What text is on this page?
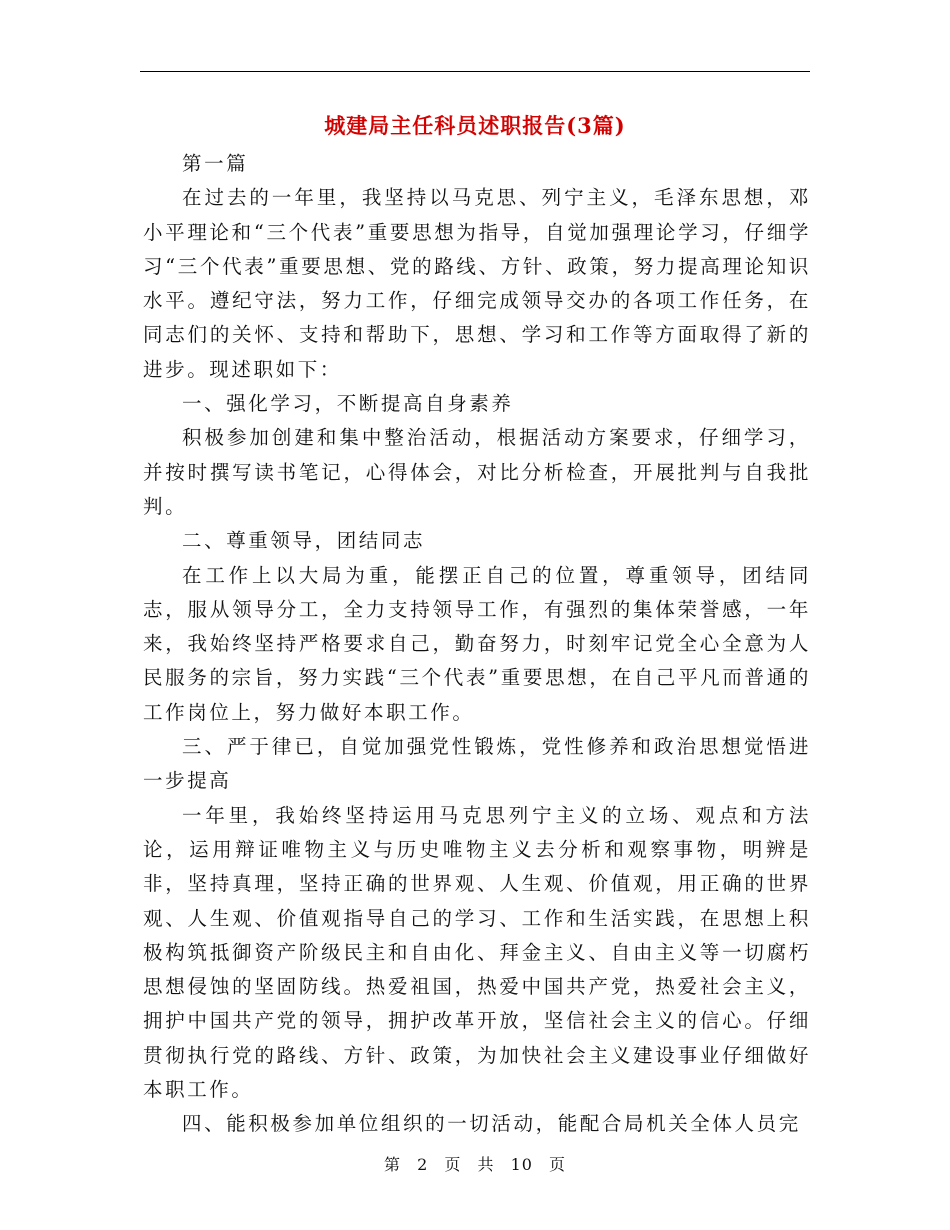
城建局主任科员述职报告(3篇)

第一篇

在过去的一年里，我坚持以马克思、列宁主义，毛泽东思想，邓小平理论和“三个代表”重要思想为指导，自觉加强理论学习，仔细学习“三个代表”重要思想、党的路线、方针、政策，努力提高理论知识水平。遵纪守法，努力工作，仔细完成领导交办的各项工作任务，在同志们的关怀、支持和帮助下，思想、学习和工作等方面取得了新的进步。现述职如下：

一、强化学习，不断提高自身素养

积极参加创建和集中整治活动，根据活动方案要求，仔细学习，并按时撰写读书笔记，心得体会，对比分析检查，开展批判与自我批判。

二、尊重领导，团结同志

在工作上以大局为重，能摆正自己的位置，尊重领导，团结同志，服从领导分工，全力支持领导工作，有强烈的集体荣誉感，一年来，我始终坚持严格要求自己，勤奋努力，时刻牢记党全心全意为人民服务的宗旨，努力实践“三个代表”重要思想，在自己平凡而普通的工作岗位上，努力做好本职工作。

三、严于律已，自觉加强党性锻炼，党性修养和政治思想觉悟进一步提高

一年里，我始终坚持运用马克思列宁主义的立场、观点和方法论，运用辩证唯物主义与历史唯物主义去分析和观察事物，明辨是非，坚持真理，坚持正确的世界观、人生观、价值观，用正确的世界观、人生观、价值观指导自己的学习、工作和生活实践，在思想上积极构筑抵御资产阶级民主和自由化、拜金主义、自由主义等一切腐朽思想侵蚀的坚固防线。热爱祖国，热爱中国共产党，热爱社会主义，拥护中国共产党的领导，拥护改革开放，坚信社会主义的信心。仔细贯彻执行党的路线、方针、政策，为加快社会主义建设事业仔细做好本职工作。

四、能积极参加单位组织的一切活动，能配合局机关全体人员完

第 2 页 共 10 页
